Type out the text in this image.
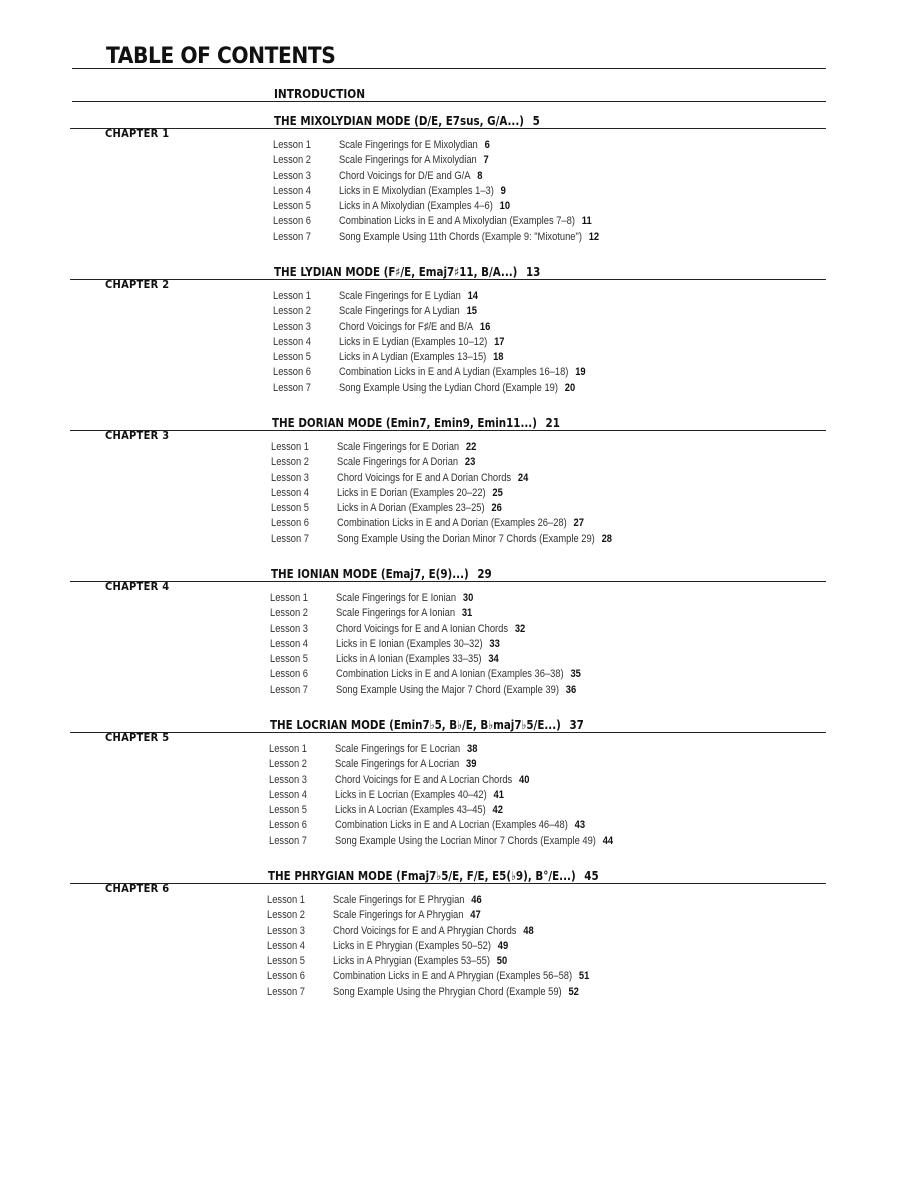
TABLE OF CONTENTS
INTRODUCTION
CHAPTER 1
THE MIXOLYDIAN MODE (D/E, E7sus, G/A...) 5
Lesson 1	Scale Fingerings for E Mixolydian 6
Lesson 2	Scale Fingerings for A Mixolydian 7
Lesson 3	Chord Voicings for D/E and G/A 8
Lesson 4	Licks in E Mixolydian (Examples 1–3) 9
Lesson 5	Licks in A Mixolydian (Examples 4–6) 10
Lesson 6	Combination Licks in E and A Mixolydian (Examples 7–8) 11
Lesson 7	Song Example Using 11th Chords (Example 9: "Mixotune") 12
CHAPTER 2
THE LYDIAN MODE (F♯/E, Emaj7♯11, B/A...) 13
Lesson 1	Scale Fingerings for E Lydian 14
Lesson 2	Scale Fingerings for A Lydian 15
Lesson 3	Chord Voicings for F♯/E and B/A 16
Lesson 4	Licks in E Lydian (Examples 10–12) 17
Lesson 5	Licks in A Lydian (Examples 13–15) 18
Lesson 6	Combination Licks in E and A Lydian (Examples 16–18) 19
Lesson 7	Song Example Using the Lydian Chord (Example 19) 20
CHAPTER 3
THE DORIAN MODE (Emin7, Emin9, Emin11...) 21
Lesson 1	Scale Fingerings for E Dorian 22
Lesson 2	Scale Fingerings for A Dorian 23
Lesson 3	Chord Voicings for E and A Dorian Chords 24
Lesson 4	Licks in E Dorian (Examples 20–22) 25
Lesson 5	Licks in A Dorian (Examples 23–25) 26
Lesson 6	Combination Licks in E and A Dorian (Examples 26–28) 27
Lesson 7	Song Example Using the Dorian Minor 7 Chords (Example 29) 28
CHAPTER 4
THE IONIAN MODE (Emaj7, E(9)...) 29
Lesson 1	Scale Fingerings for E Ionian 30
Lesson 2	Scale Fingerings for A Ionian 31
Lesson 3	Chord Voicings for E and A Ionian Chords 32
Lesson 4	Licks in E Ionian (Examples 30–32) 33
Lesson 5	Licks in A Ionian (Examples 33–35) 34
Lesson 6	Combination Licks in E and A Ionian (Examples 36–38) 35
Lesson 7	Song Example Using the Major 7 Chord (Example 39) 36
CHAPTER 5
THE LOCRIAN MODE (Emin7♭5, B♭/E, B♭maj7♭5/E...) 37
Lesson 1	Scale Fingerings for E Locrian 38
Lesson 2	Scale Fingerings for A Locrian 39
Lesson 3	Chord Voicings for E and A Locrian Chords 40
Lesson 4	Licks in E Locrian (Examples 40–42) 41
Lesson 5	Licks in A Locrian (Examples 43–45) 42
Lesson 6	Combination Licks in E and A Locrian (Examples 46–48) 43
Lesson 7	Song Example Using the Locrian Minor 7 Chords (Example 49) 44
CHAPTER 6
THE PHRYGIAN MODE (Fmaj7♭5/E, F/E, E5(♭9), B°/E...) 45
Lesson 1	Scale Fingerings for E Phrygian 46
Lesson 2	Scale Fingerings for A Phrygian 47
Lesson 3	Chord Voicings for E and A Phrygian Chords 48
Lesson 4	Licks in E Phrygian (Examples 50–52) 49
Lesson 5	Licks in A Phrygian (Examples 53–55) 50
Lesson 6	Combination Licks in E and A Phrygian (Examples 56–58) 51
Lesson 7	Song Example Using the Phrygian Chord (Example 59) 52
